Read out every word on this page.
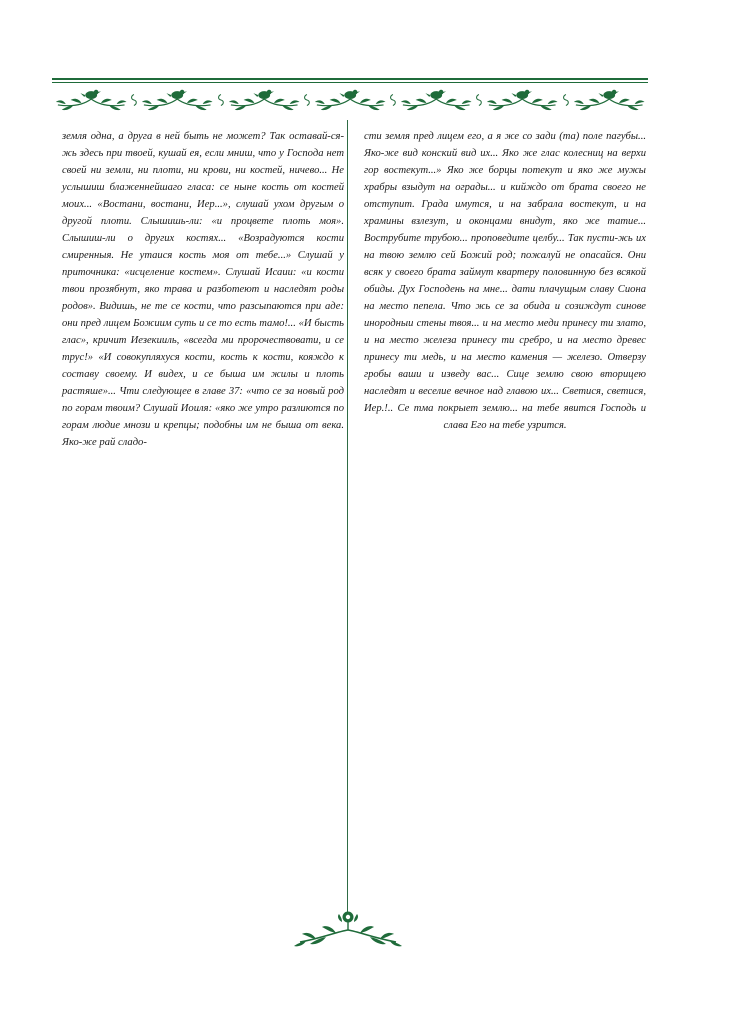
земля одна, а друга в ней быть не может? Так оставай-ся-жь здесь при твоей, кушай ея, если мниш, что у Господа нет своей ни земли, ни плоти, ни крови, ни костей, ничево... Не услышиш блаженнейшаго гласа: се ныне кость от костей моих... «Востани, востани, Иер...», слушай ухом другым о другой плоти. Слышишь-ли: «и процвете плоть моя». Слышиш-ли о других костях... «Возрадуются кости смиренныя. Не утаися кость моя от тебе...» Слушай у приточника: «исцеление костем». Слушай Исаии: «и кости твои прозябнут, яко трава и разботеют и наследят роды родов». Видишь, не те се кости, что разсыпаются при аде: они пред лицем Божиим суть и се то есть тамо!... «И бысть глас», кричит Иезекииль, «всегда ми пророчествовати, и се трус!» «И совокупляхуся кости, кость к кости, кояждо к составу своему. И видех, и се быша им жилы и плоть растяше»... Чти следующее в главе 37: «что се за новый род по горам твоим? Слушай Иоиля: «яко же утро разлиются по горам людие мнози и крепцы; подобны им не быша от века. Яко-же рай сладо-

сти земля пред лицем его, а я же со зади (та) поле пагубы... Яко-же вид конский вид их... Яко же глас колесниц на верхи гор востекут...» Яко же борцы потекут и яко же мужы храбры взыдут на ограды... и кийждо от брата своего не отступит. Града имутся, и на забрала востекут, и на храмины взлезут, и оконцами внидут, яко же татие... Вострубите трубою... проповедите целбу... Так пусти-жь их на твою землю сей Божий род; пожалуй не опасайся. Они всяк у своего брата займут квартеру половинную без всякой обиды. Дух Господень на мне... дати плачущым славу Сиона на место пепела. Что жь се за обида и созиждут синове инородныи стены твоя... и на место меди принесу ти злато, и на место железа принесу ти сребро, и на место древес принесу ти медь, и на место камения — железо. Отверзу гробы ваши и изведу вас... Сице землю свою вторицею наследят и веселие вечное над главою их... Светися, светися, Иер.!.. Се тма покрыет землю... на тебе явится Господь и слава Его на тебе узрится.
